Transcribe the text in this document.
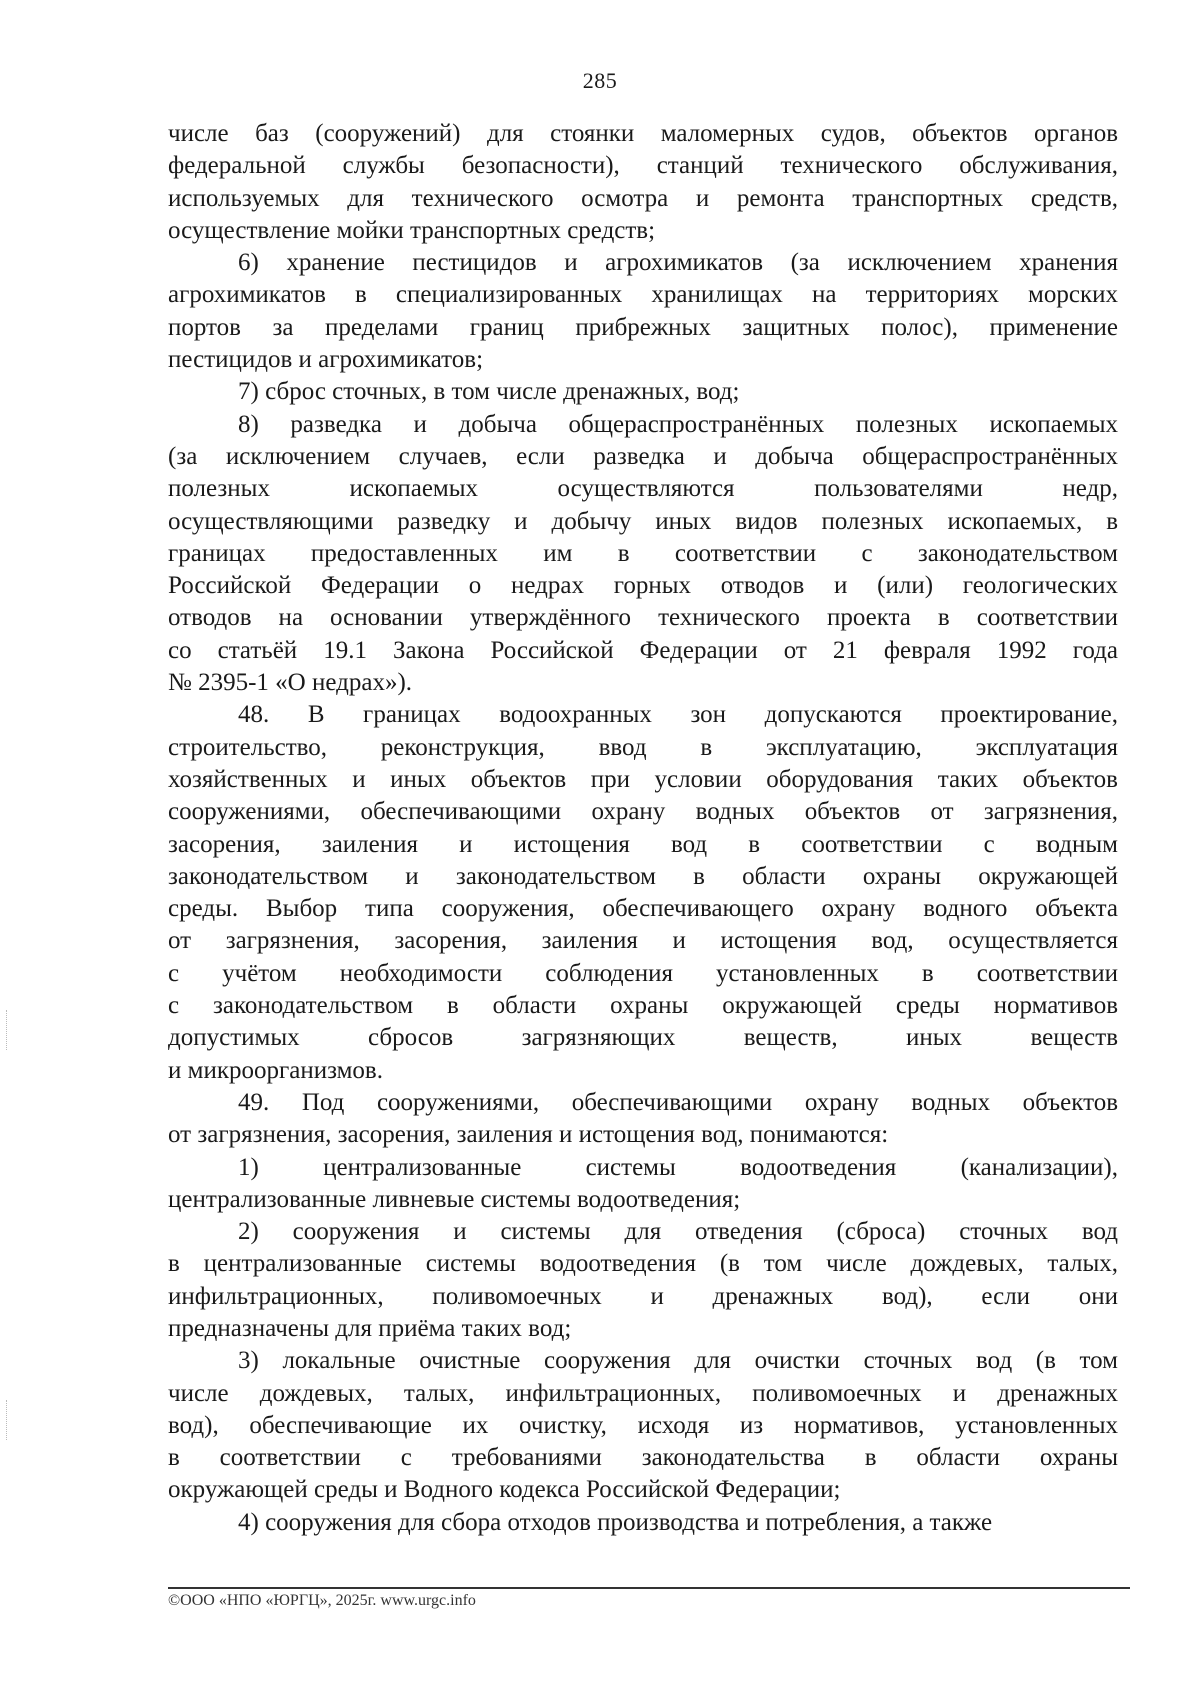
285

числе баз (сооружений) для стоянки маломерных судов, объектов органов
федеральной службы безопасности), станций технического обслуживания,
используемых для технического осмотра и ремонта транспортных средств,
осуществление мойки транспортных средств;

6) хранение пестицидов и агрохимикатов (за исключением хранения
агрохимикатов в специализированных хранилищах на территориях морских
портов за пределами границ прибрежных защитных полос), применение
пестицидов и агрохимикатов;

7) сброс сточных, в том числе дренажных, вод;

8) разведка и добыча общераспространённых полезных ископаемых
(за исключением случаев, если разведка и добыча общераспространённых
полезных ископаемых осуществляются пользователями недр,
осуществляющими разведку и добычу иных видов полезных ископаемых, в
границах предоставленных им в соответствии с законодательством
Российской Федерации о недрах горных отводов и (или) геологических
отводов на основании утверждённого технического проекта в соответствии
со статьёй 19.1 Закона Российской Федерации от 21 февраля 1992 года
№ 2395-1 «О недрах»).

48. В границах водоохранных зон допускаются проектирование,
строительство, реконструкция, ввод в эксплуатацию, эксплуатация
хозяйственных и иных объектов при условии оборудования таких объектов
сооружениями, обеспечивающими охрану водных объектов от загрязнения,
засорения, заиления и истощения вод в соответствии с водным
законодательством и законодательством в области охраны окружающей
среды. Выбор типа сооружения, обеспечивающего охрану водного объекта
от загрязнения, засорения, заиления и истощения вод, осуществляется
с учётом необходимости соблюдения установленных в соответствии
с законодательством в области охраны окружающей среды нормативов
допустимых сбросов загрязняющих веществ, иных веществ
и микроорганизмов.

49. Под сооружениями, обеспечивающими охрану водных объектов
от загрязнения, засорения, заиления и истощения вод, понимаются:

1) централизованные системы водоотведения (канализации),
централизованные ливневые системы водоотведения;

2) сооружения и системы для отведения (сброса) сточных вод
в централизованные системы водоотведения (в том числе дождевых, талых,
инфильтрационных, поливомоечных и дренажных вод), если они
предназначены для приёма таких вод;

3) локальные очистные сооружения для очистки сточных вод (в том
числе дождевых, талых, инфильтрационных, поливомоечных и дренажных
вод), обеспечивающие их очистку, исходя из нормативов, установленных
в соответствии с требованиями законодательства в области охраны
окружающей среды и Водного кодекса Российской Федерации;

4) сооружения для сбора отходов производства и потребления, а также

©ООО «НПО «ЮРГЦ», 2025г. www.urgc.info
